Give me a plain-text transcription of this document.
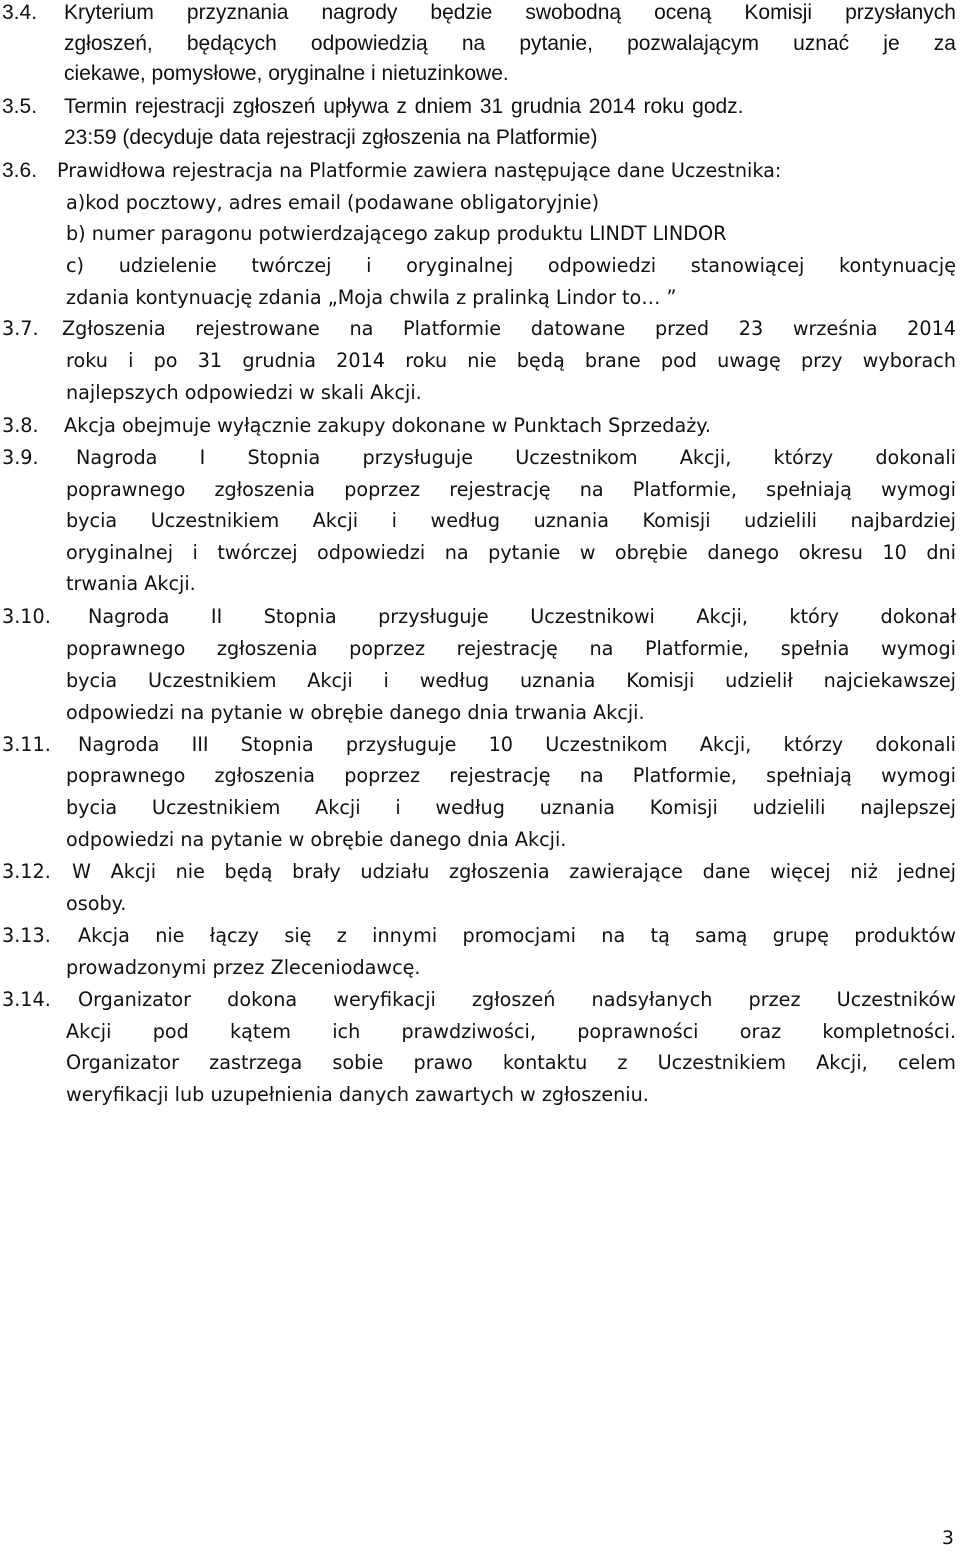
3.4. Kryterium przyznania nagrody będzie swobodną oceną Komisji przysłanych
zgłoszeń, będących odpowiedzią na pytanie, pozwalającym uznać je za
ciekawe, pomysłowe, oryginalne i nietuzinkowe.
3.5. Termin rejestracji zgłoszeń upływa z dniem 31 grudnia 2014 roku godz.
23:59 (decyduje data rejestracji zgłoszenia na Platformie)
3.6. Prawidłowa rejestracja na Platformie zawiera następujące dane Uczestnika:
a)kod pocztowy, adres email (podawane obligatoryjnie)
b) numer paragonu potwierdzającego zakup produktu LINDT LINDOR
c) udzielenie twórczej i oryginalnej odpowiedzi stanowiącej kontynuację
zdania kontynuację zdania „Moja chwila z pralinką Lindor to… ”
3.7. Zgłoszenia rejestrowane na Platformie datowane przed 23 września 2014
roku i po 31 grudnia 2014 roku nie będą brane pod uwagę przy wyborach
najlepszych odpowiedzi w skali Akcji.
3.8. Akcja obejmuje wyłącznie zakupy dokonane w Punktach Sprzedaży.
3.9. Nagroda I Stopnia przysługuje Uczestnikom Akcji, którzy dokonali
poprawnego zgłoszenia poprzez rejestrację na Platformie, spełniają wymogi
bycia Uczestnikiem Akcji i według uznania Komisji udzielili najbardziej
oryginalnej i twórczej odpowiedzi na pytanie w obrębie danego okresu 10 dni
trwania Akcji.
3.10. Nagroda II Stopnia przysługuje Uczestnikowi Akcji, który dokonał
poprawnego zgłoszenia poprzez rejestrację na Platformie, spełnia wymogi
bycia Uczestnikiem Akcji i według uznania Komisji udzielił najciekawszej
odpowiedzi na pytanie w obrębie danego dnia trwania Akcji.
3.11. Nagroda III Stopnia przysługuje 10 Uczestnikom Akcji, którzy dokonali
poprawnego zgłoszenia poprzez rejestrację na Platformie, spełniają wymogi
bycia Uczestnikiem Akcji i według uznania Komisji udzielili najlepszej
odpowiedzi na pytanie w obrębie danego dnia Akcji.
3.12. W Akcji nie będą brały udziału zgłoszenia zawierające dane więcej niż jednej
osoby.
3.13. Akcja nie łączy się z innymi promocjami na tą samą grupę produktów
prowadzonymi przez Zleceniodawcę.
3.14. Organizator dokona weryfikacji zgłoszeń nadsyłanych przez Uczestników
Akcji pod kątem ich prawdziwości, poprawności oraz kompletności.
Organizator zastrzega sobie prawo kontaktu z Uczestnikiem Akcji, celem
weryfikacji lub uzupełnienia danych zawartych w zgłoszeniu.
3
